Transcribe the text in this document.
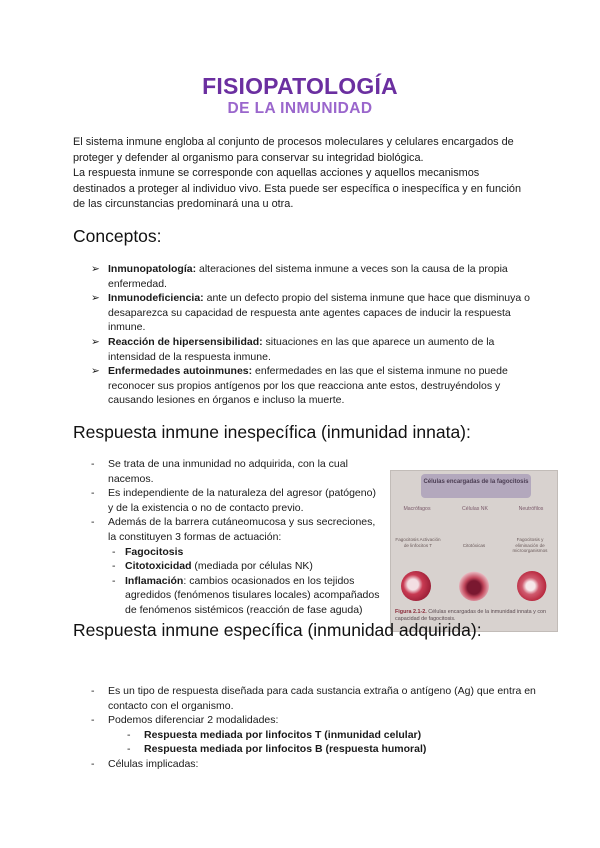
FISIOPATOLOGÍA
DE LA INMUNIDAD

El sistema inmune engloba al conjunto de procesos moleculares y celulares encargados de proteger y defender al organismo para conservar su integridad biológica.

La respuesta inmune se corresponde con aquellas acciones y aquellos mecanismos destinados a proteger al individuo vivo. Esta puede ser específica o inespecífica y en función de las circunstancias predominará una u otra.

Conceptos:
➢ Inmunopatología: alteraciones del sistema inmune a veces son la causa de la propia enfermedad.
➢ Inmunodeficiencia: ante un defecto propio del sistema inmune que hace que disminuya o desaparezca su capacidad de respuesta ante agentes capaces de inducir la respuesta inmune.
➢ Reacción de hipersensibilidad: situaciones en las que aparece un aumento de la intensidad de la respuesta inmune.
➢ Enfermedades autoinmunes: enfermedades en las que el sistema inmune no puede reconocer sus propios antígenos por los que reacciona ante estos, destruyéndolos y causando lesiones en órganos e incluso la muerte.
Respuesta inmune inespecífica (inmunidad innata):
- Se trata de una inmunidad no adquirida, con la cual nacemos.
- Es independiente de la naturaleza del agresor (patógeno) y de la existencia o no de contacto previo.
- Además de la barrera cutáneomucosa y sus secreciones, la constituyen 3 formas de actuación:
- Fagocitosis
- Citotoxicidad (mediada por células NK)
- Inflamación: cambios ocasionados en los tejidos agredidos (fenómenos tisulares locales) acompañados de fenómenos sistémicos (reacción de fase aguda)
Células encargadas de la fagocitosis
Macrófagos	Células NK	Neutrófilos
Fagocitosis Activación de linfocitos T	Citotóxicas
Fagocitosis y eliminación de microorganismos
Figura 2.1-2. Células encargadas de la inmunidad innata y con capacidad de fagocitosis.
Respuesta inmune específica (inmunidad adquirida):
- Es un tipo de respuesta diseñada para cada sustancia extraña o antígeno (Ag) que entra en contacto con el organismo.
- Podemos diferenciar 2 modalidades:
- Respuesta mediada por linfocitos T (inmunidad celular)
- Respuesta mediada por linfocitos B (respuesta humoral)
- Células implicadas:
